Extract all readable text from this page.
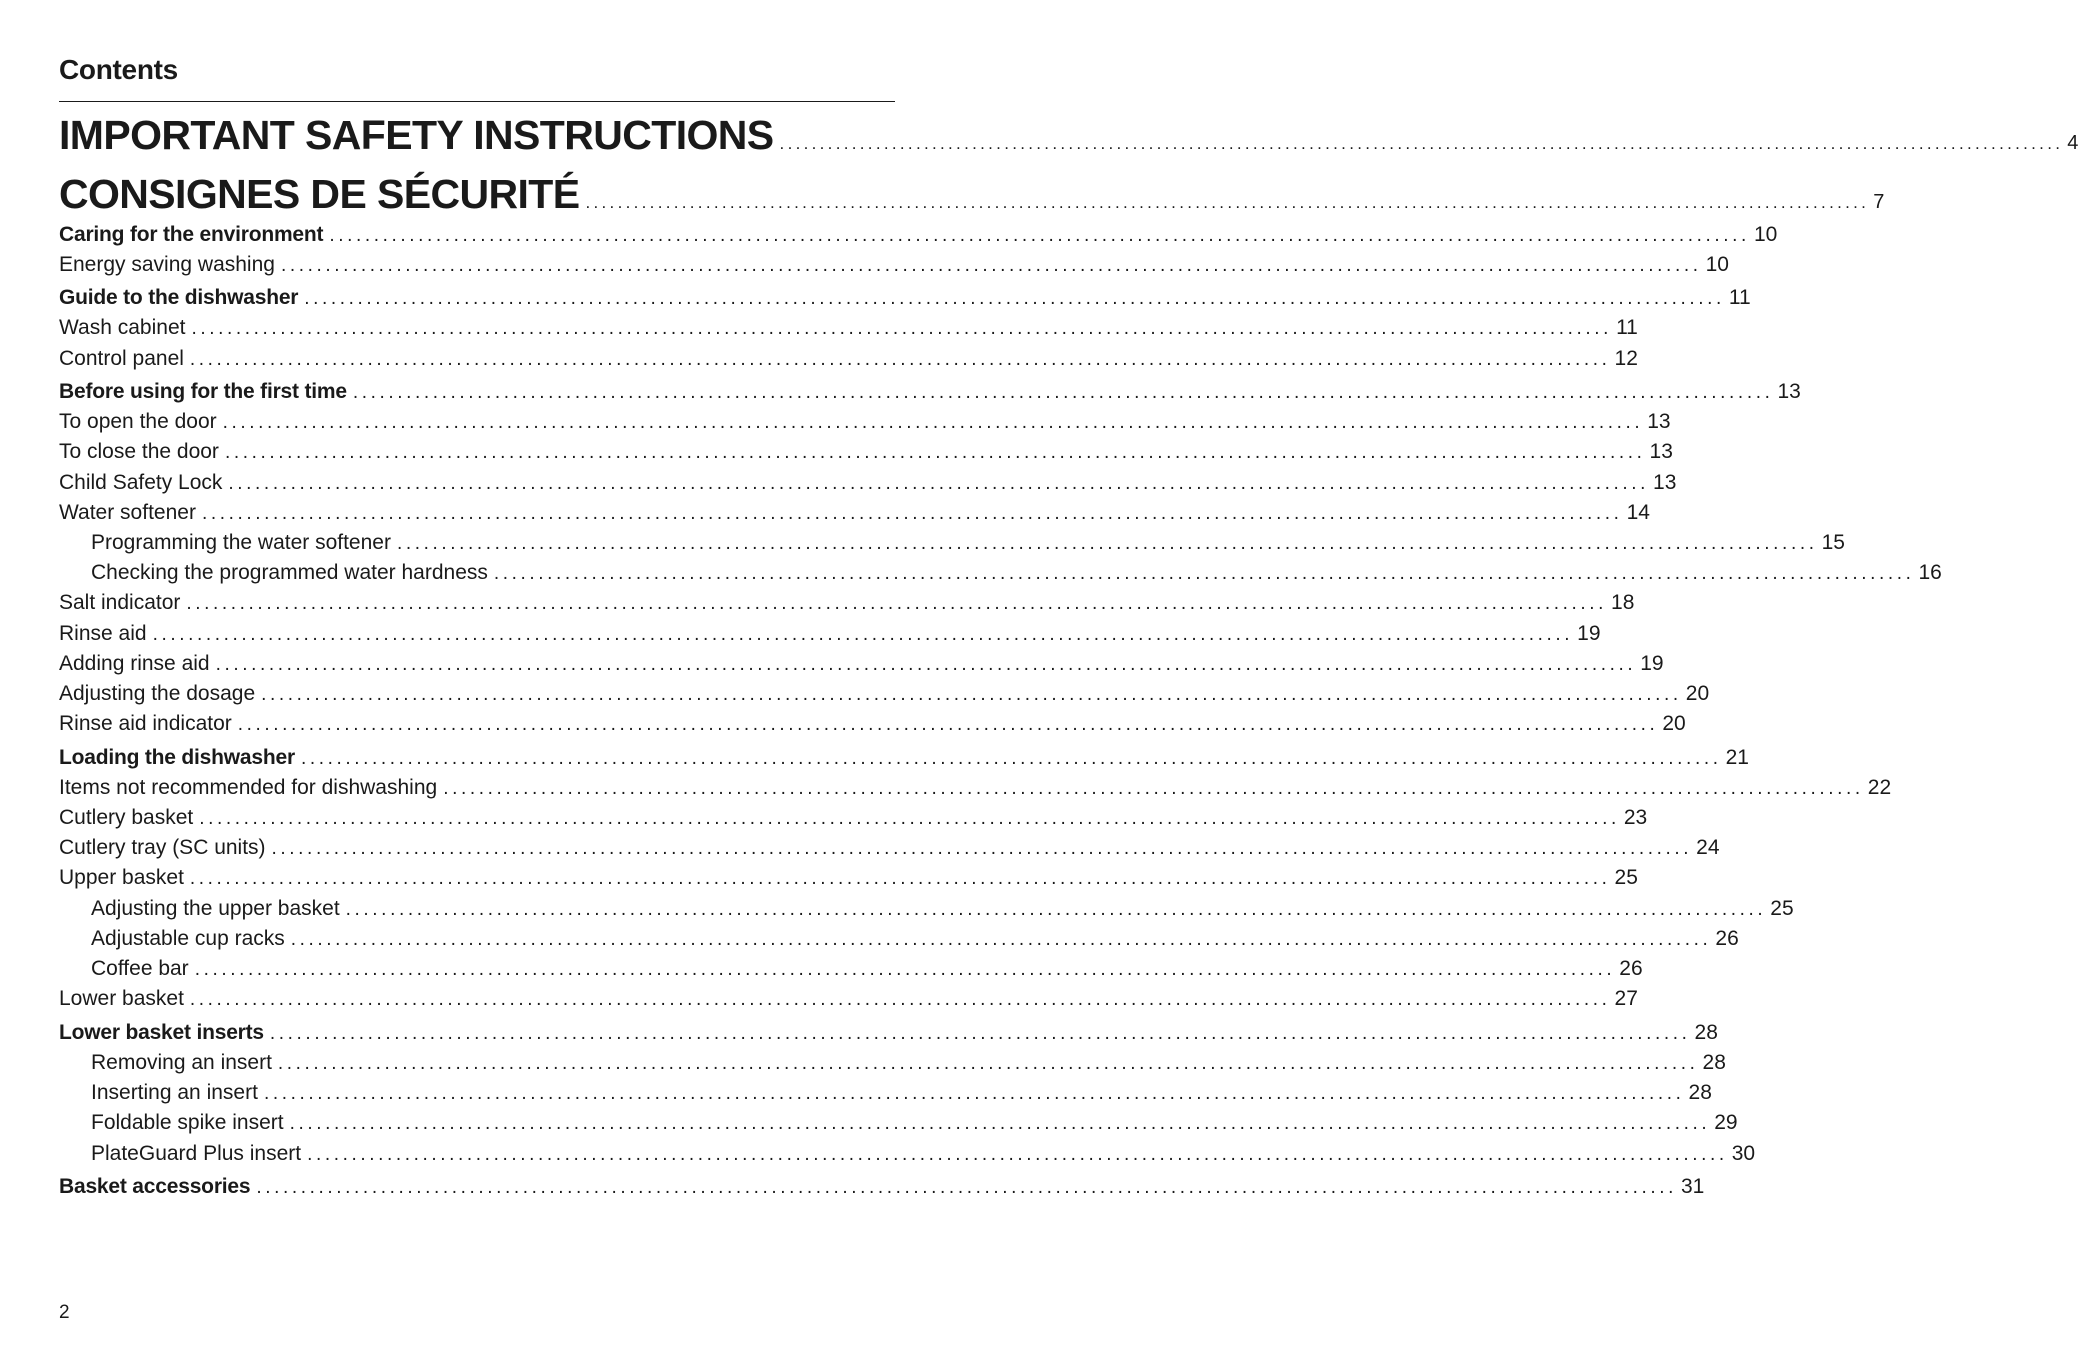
Contents
IMPORTANT SAFETY INSTRUCTIONS ................................................................................................................................................................ 4
CONSIGNES DE SÉCURITÉ ................................................................................................................................................................ 7
Caring for the environment ................................................................................................................................................................ 10
Energy saving washing ................................................................................................................................................................ 10
Guide to the dishwasher ................................................................................................................................................................ 11
Wash cabinet ................................................................................................................................................................ 11
Control panel ................................................................................................................................................................ 12
Before using for the first time ................................................................................................................................................................ 13
To open the door ................................................................................................................................................................ 13
To close the door ................................................................................................................................................................ 13
Child Safety Lock ................................................................................................................................................................ 13
Water softener ................................................................................................................................................................ 14
Programming the water softener ................................................................................................................................................................ 15
Checking the programmed water hardness ................................................................................................................................................................ 16
Salt indicator ................................................................................................................................................................ 18
Rinse aid ................................................................................................................................................................ 19
Adding rinse aid ................................................................................................................................................................ 19
Adjusting the dosage ................................................................................................................................................................ 20
Rinse aid indicator ................................................................................................................................................................ 20
Loading the dishwasher ................................................................................................................................................................ 21
Items not recommended for dishwashing ................................................................................................................................................................ 22
Cutlery basket ................................................................................................................................................................ 23
Cutlery tray (SC units) ................................................................................................................................................................ 24
Upper basket ................................................................................................................................................................ 25
Adjusting the upper basket ................................................................................................................................................................ 25
Adjustable cup racks ................................................................................................................................................................ 26
Coffee bar ................................................................................................................................................................ 26
Lower basket ................................................................................................................................................................ 27
Lower basket inserts ................................................................................................................................................................ 28
Removing an insert ................................................................................................................................................................ 28
Inserting an insert ................................................................................................................................................................ 28
Foldable spike insert ................................................................................................................................................................ 29
PlateGuard Plus insert ................................................................................................................................................................ 30
Basket accessories ................................................................................................................................................................ 31
2
